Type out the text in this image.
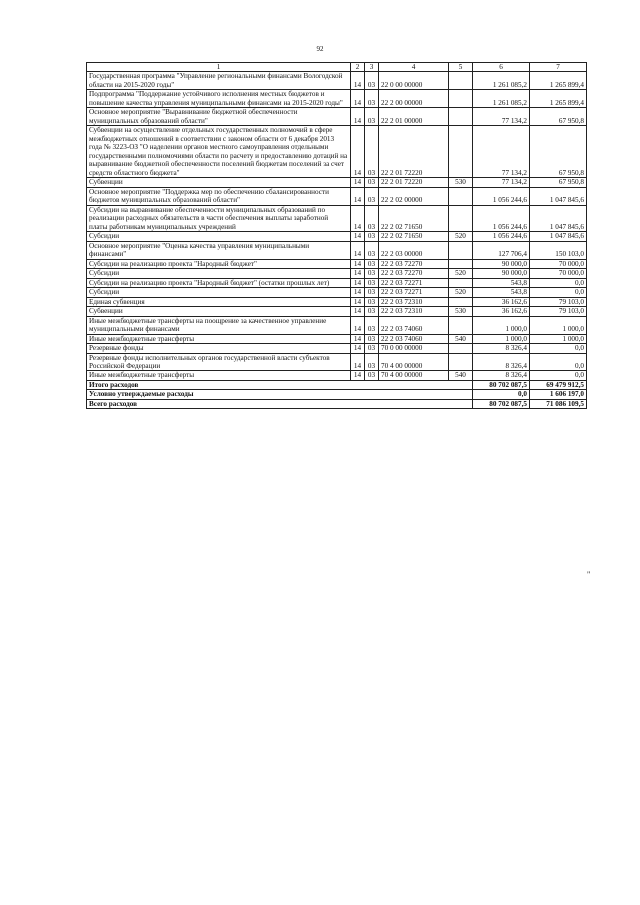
92
1	2	3	4	5	6	7
Государственная программа "Управление региональными финансами Вологодской области на 2015-2020 годы"	14	03	22 0 00 00000		1 261 085,2	1 265 899,4
Подпрограмма "Поддержание устойчивого исполнения местных бюджетов и повышение качества управления муниципальными финансами на 2015-2020 годы"	14	03	22 2 00 00000		1 261 085,2	1 265 899,4
Основное мероприятие "Выравнивание бюджетной обеспеченности муниципальных образований области"	14	03	22 2 01 00000		77 134,2	67 950,8
Субвенции на осуществление отдельных государственных полномочий в сфере межбюджетных отношений в соответствии с законом области от 6 декабря 2013 года № 3223-ОЗ "О наделении органов местного самоуправления отдельными государственными полномочиями области по расчету и предоставлению дотаций на выравнивание бюджетной обеспеченности поселений бюджетам поселений за счет средств областного бюджета"	14	03	22 2 01 72220		77 134,2	67 950,8
Субвенции	14	03	22 2 01 72220	530	77 134,2	67 950,8
Основное мероприятие "Поддержка мер по обеспечению сбалансированности бюджетов муниципальных образований области"	14	03	22 2 02 00000		1 056 244,6	1 047 845,6
Субсидии на выравнивание обеспеченности муниципальных образований по реализации расходных обязательств в части обеспечения выплаты заработной платы работникам муниципальных учреждений	14	03	22 2 02 71650		1 056 244,6	1 047 845,6
Субсидии	14	03	22 2 02 71650	520	1 056 244,6	1 047 845,6
Основное мероприятие "Оценка качества управления муниципальными финансами"	14	03	22 2 03 00000		127 706,4	150 103,0
Субсидии на реализацию проекта "Народный бюджет"	14	03	22 2 03 72270		90 000,0	70 000,0
Субсидии	14	03	22 2 03 72270	520	90 000,0	70 000,0
Субсидии на реализацию проекта "Народный бюджет" (остатки прошлых лет)	14	03	22 2 03 72271		543,8	0,0
Субсидии	14	03	22 2 03 72271	520	543,8	0,0
Единая субвенция	14	03	22 2 03 72310		36 162,6	79 103,0
Субвенции	14	03	22 2 03 72310	530	36 162,6	79 103,0
Иные межбюджетные трансферты на поощрение за качественное управление муниципальными финансами	14	03	22 2 03 74060		1 000,0	1 000,0
Иные межбюджетные трансферты	14	03	22 2 03 74060	540	1 000,0	1 000,0
Резервные фонды	14	03	70 0 00 00000		8 326,4	0,0
Резервные фонды исполнительных органов государственной власти субъектов Российской Федерации	14	03	70 4 00 00000		8 326,4	0,0
Иные межбюджетные трансферты	14	03	70 4 00 00000	540	8 326,4	0,0
Итого расходов					80 702 087,5	69 479 912,5
Условно утверждаемые расходы					0,0	1 606 197,0
Всего расходов					80 702 087,5	71 086 109,5
"
